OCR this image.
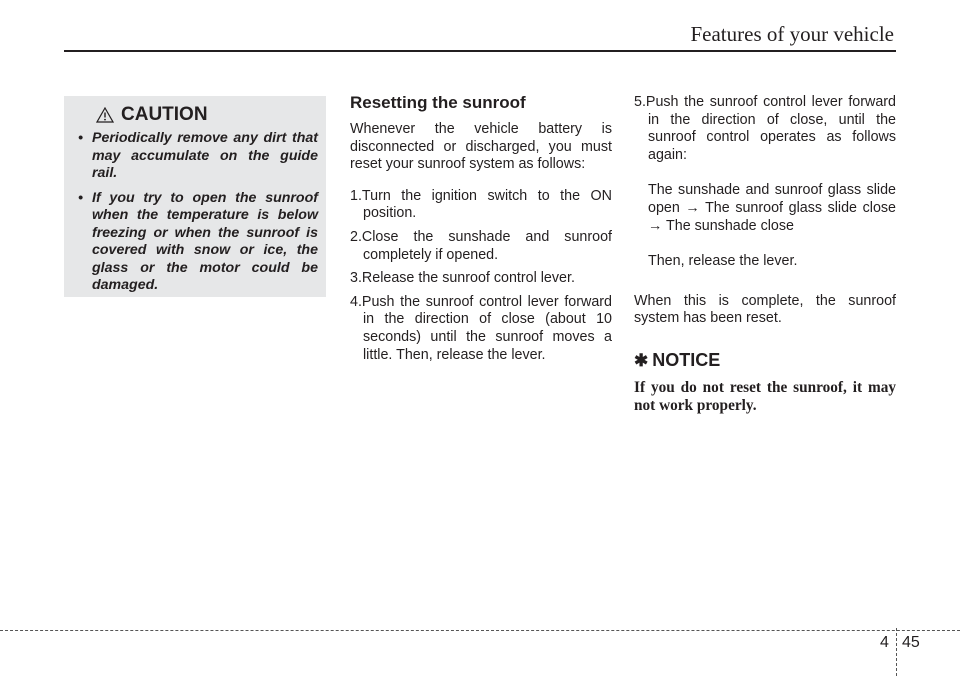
Features of your vehicle
CAUTION
• Periodically remove any dirt that may accumulate on the guide rail.
• If you try to open the sunroof when the temperature is below freezing or when the sunroof is covered with snow or ice, the glass or the motor could be damaged.
Resetting the sunroof

Whenever the vehicle battery is disconnected or discharged, you must reset your sunroof system as follows:

1.Turn the ignition switch to the ON position.
2.Close the sunshade and sunroof completely if opened.
3.Release the sunroof control lever.
4.Push the sunroof control lever forward in the direction of close (about 10 seconds) until the sunroof moves a little. Then, release the lever.

5.Push the sunroof control lever forward in the direction of close, until the sunroof control operates as follows again:

The sunshade and sunroof glass slide open → The sunroof glass slide close → The sunshade close

Then, release the lever.

When this is complete, the sunroof system has been reset.

✱ NOTICE

If you do not reset the sunroof, it may not work properly.

4 45
